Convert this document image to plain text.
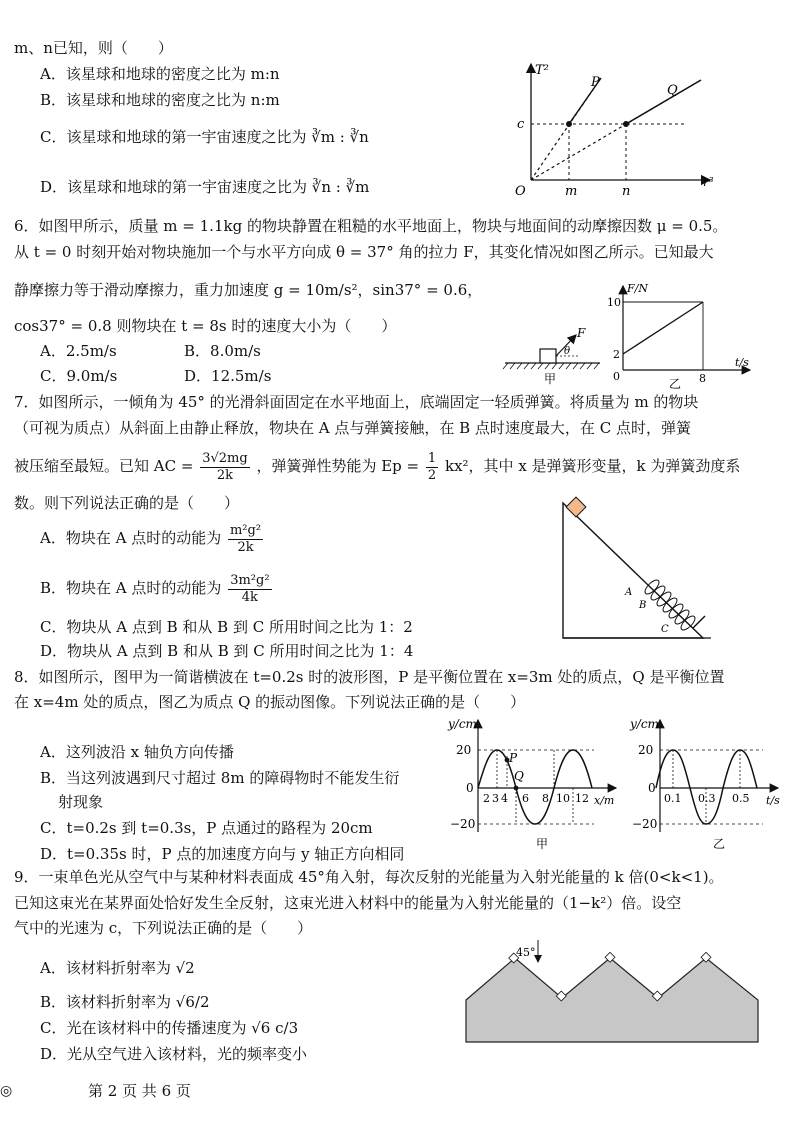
m、n已知，则（　　）
A．该星球和地球的密度之比为 m:n
B．该星球和地球的密度之比为 n:m
C．该星球和地球的第一宇宙速度之比为 ∛m : ∛n
D．该星球和地球的第一宇宙速度之比为 ∛n : ∛m
T²
r³
O
P
Q
c
m	n
6．如图甲所示，质量 m = 1.1kg 的物块静置在粗糙的水平地面上，物块与地面间的动摩擦因数 μ = 0.5。
从 t = 0 时刻开始对物块施加一个与水平方向成 θ = 37° 角的拉力 F，其变化情况如图乙所示。已知最大
静摩擦力等于滑动摩擦力，重力加速度 g = 10m/s²，sin37° = 0.6，
cos37° = 0.8 则物块在 t = 8s 时的速度大小为（　　）
A．2.5m/s	B．8.0m/s
C．9.0m/s	D．12.5m/s
F
θ
甲
F/N
t/s
0
2
10
8
乙
7．如图所示，一倾角为 45° 的光滑斜面固定在水平地面上，底端固定一轻质弹簧。将质量为 m 的物块
（可视为质点）从斜面上由静止释放，物块在 A 点与弹簧接触，在 B 点时速度最大，在 C 点时，弹簧
被压缩至最短。已知 AC = $\frac{3√2mg}{2k}$ ，弹簧弹性势能为 $Ep = \frac{1}{2} kx^2$，其中 x 是弹簧形变量，k 为弹簧劲度系
数。则下列说法正确的是（　　）
A．物块在 A 点时的动能为 $\frac{\text{m²g²}}{2k}$
B．物块在 A 点时的动能为 $\frac{\text{3m²g²}}{4k}$
C．物块从 A 点到 B 和从 B 到 C 所用时间之比为 1：2
D．物块从 A 点到 B 和从 B 到 C 所用时间之比为 1：4
A
B
C
8．如图所示，图甲为一简谐横波在 t=0.2s 时的波形图，P 是平衡位置在 x=3m 处的质点，Q 是平衡位置
在 x=4m 处的质点，图乙为质点 Q 的振动图像。下列说法正确的是（　　）
A．这列波沿 x 轴负方向传播
B．当这列波遇到尺寸超过 8m 的障碍物时不能发生衍
射现象
C．t=0.2s 到 t=0.3s，P 点通过的路程为 20cm
D．t=0.35s 时，P 点的加速度方向与 y 轴正方向相同
y/cm
20
−20
0
P
Q
2 3 4 6 8 10 12 x/m
甲
y/cm
20
−20
0
0.1 0.3 0.5 t/s
乙
9．一束单色光从空气中与某种材料表面成 45°角入射，每次反射的光能量为入射光能量的 k 倍(0<k<1)。
已知这束光在某界面处恰好发生全反射，这束光进入材料中的能量为入射光能量的（1−k²）倍。设空
气中的光速为 c，下列说法正确的是（　　）
A．该材料折射率为 √2
B．该材料折射率为 √6/2
C．光在该材料中的传播速度为 √6 c/3
D．光从空气进入该材料，光的频率变小
45°
◎	第 2 页 共 6 页
